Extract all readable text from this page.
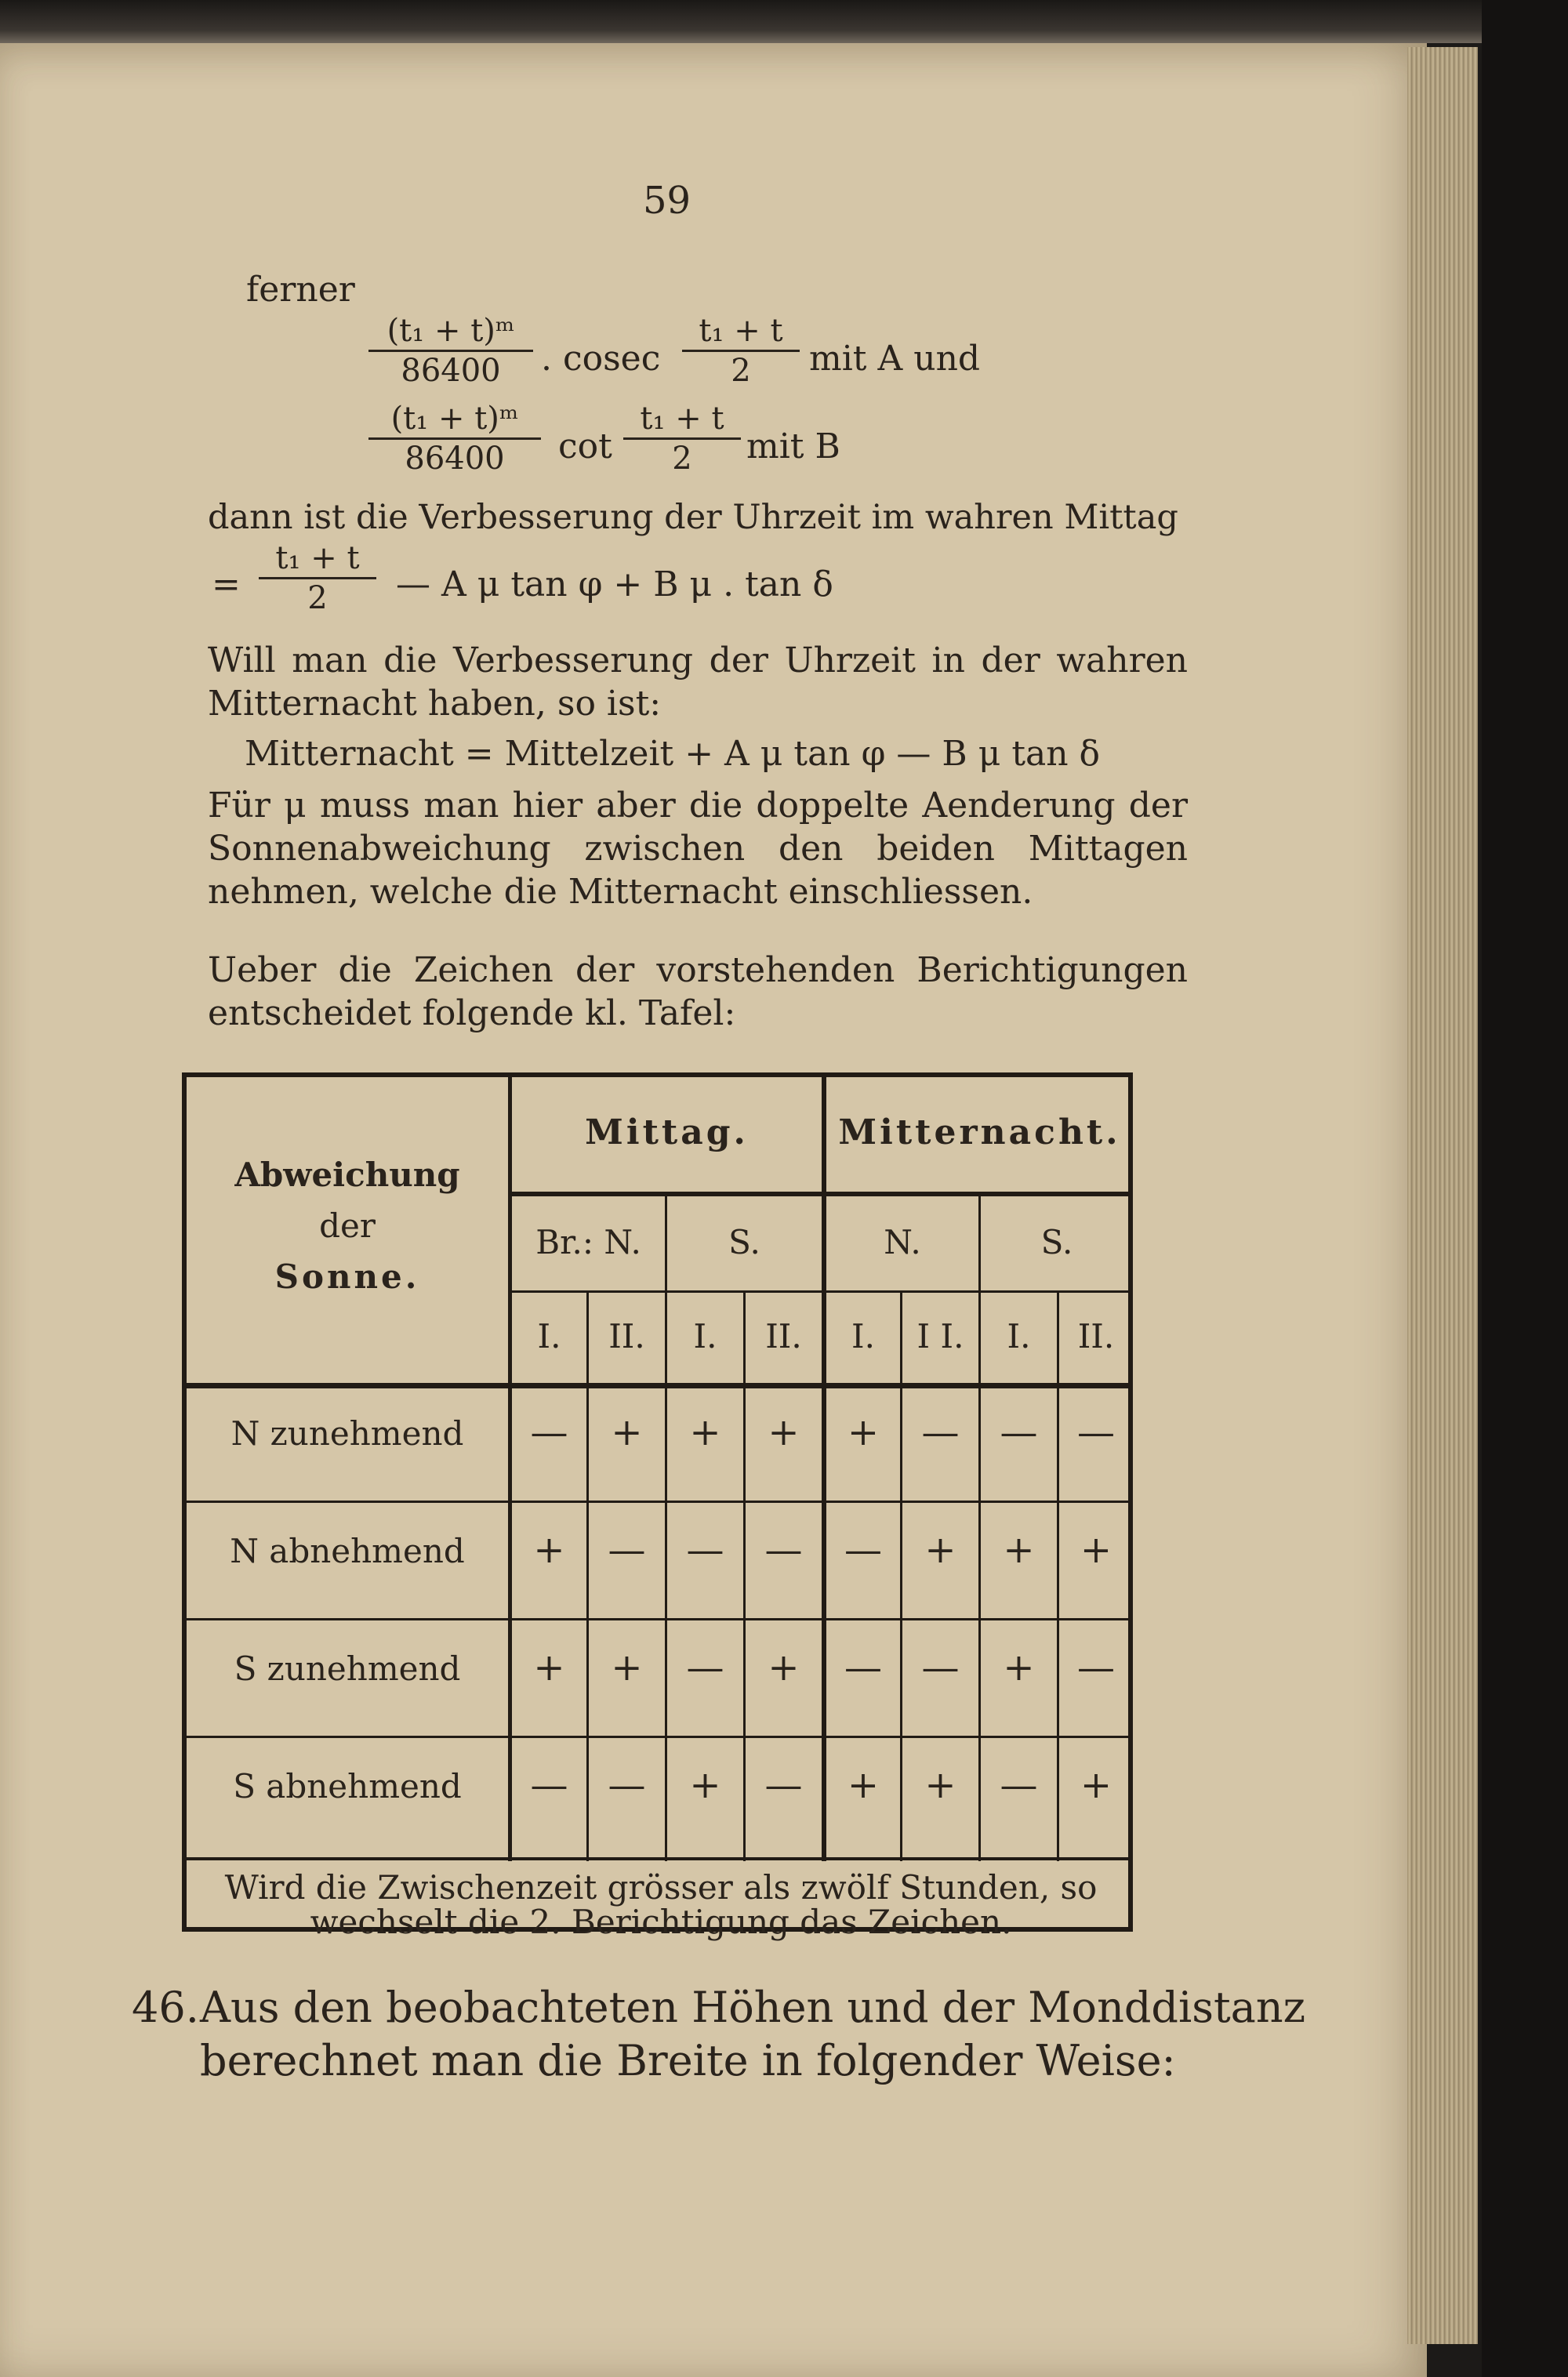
59
ferner
(t₁ + t)ᵐ
86400	. cosec
t₁ + t
2	mit A und
(t₁ + t)ᵐ
86400	cot
t₁ + t
2	mit B
dann ist die Verbesserung der Uhrzeit im wahren Mittag
=
t₁ + t
2	— A μ tan φ + B μ . tan δ
Will man die Verbesserung der Uhrzeit in der wahren Mitternacht haben, so ist:
Mitternacht = Mittelzeit + A μ tan φ — B μ tan δ
Für μ muss man hier aber die doppelte Aenderung der Sonnenabweichung zwischen den beiden Mittagen nehmen, welche die Mitternacht einschliessen.
Ueber die Zeichen der vorstehenden Berichtigungen entscheidet folgende kl. Tafel:
Abweichung
der
Sonne.
Mittag.	Mitternacht.
Br.: N.	S.	N.	S.
I.	II.	I.	II.	I.	I I.	I.	II.
N zunehmend	—	+	+	+	+	—	—	—
N abnehmend	+	—	—	—	—	+	+	+
S zunehmend	+	+	—	+	—	—	+	—
S abnehmend	—	—	+	—	+	+	—	+
Wird die Zwischenzeit grösser als zwölf Stunden, so wechselt die 2. Berichtigung das Zeichen.
46. Aus den beobachteten Höhen und der Monddistanz
berechnet man die Breite in folgender Weise:
